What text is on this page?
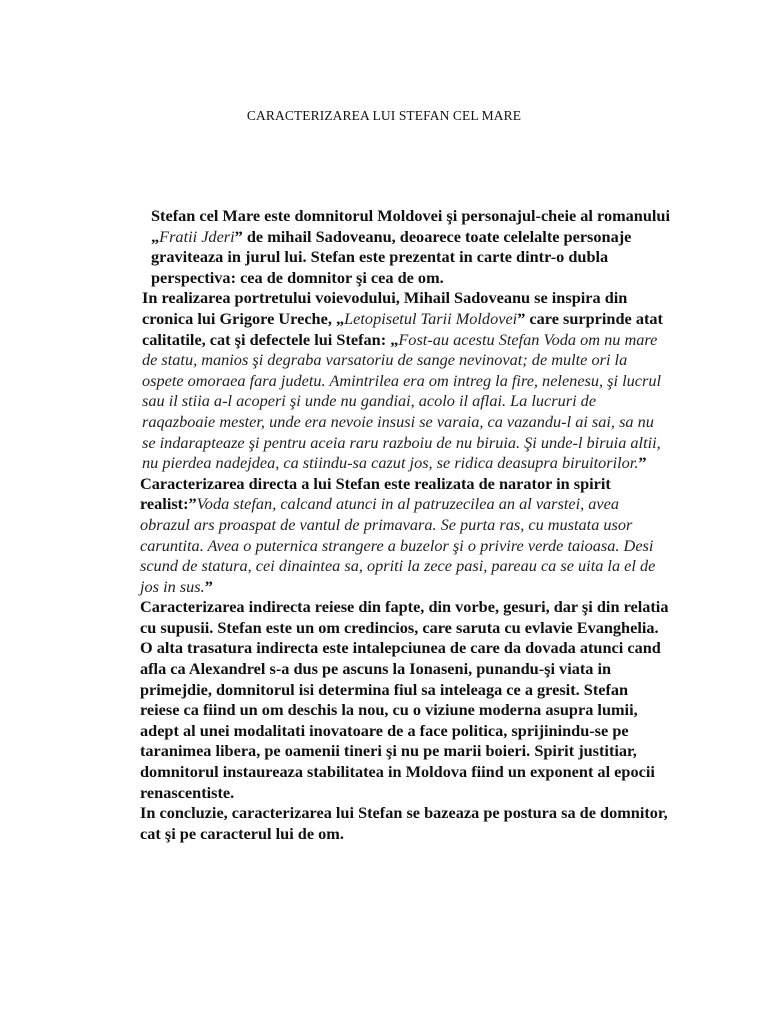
CARACTERIZAREA LUI STEFAN CEL MARE

Stefan cel Mare este domnitorul Moldovei şi personajul-cheie al romanului „Fratii Jderi” de mihail Sadoveanu, deoarece toate celelalte personaje graviteaza in jurul lui. Stefan este prezentat in carte dintr-o dubla perspectiva: cea de domnitor şi cea de om.

In realizarea portretului voievodului, Mihail Sadoveanu se inspira din cronica lui Grigore Ureche, „Letopisetul Tarii Moldovei” care surprinde atat calitatile, cat şi defectele lui Stefan: „Fost-au acestu Stefan Voda om nu mare de statu, manios şi degraba varsatoriu de sange nevinovat; de multe ori la ospete omoraea fara judetu. Amintrilea era om intreg la fire, nelenesu, şi lucrul sau il stiia a-l acoperi şi unde nu gandiai, acolo il aflai. La lucruri de raqazboaie mester, unde era nevoie insusi se varaia, ca vazandu-l ai sai, sa nu se indarapteaze şi pentru aceia raru razboiu de nu biruia. Şi unde-l biruia altii, nu pierdea nadejdea, ca stiindu-sa cazut jos, se ridica deasupra biruitorilor.”

Caracterizarea directa a lui Stefan este realizata de narator in spirit realist:”Voda stefan, calcand atunci in al patruzecilea an al varstei, avea obrazul ars proaspat de vantul de primavara. Se purta ras, cu mustata usor caruntita. Avea o puternica strangere a buzelor şi o privire verde taioasa. Desi scund de statura, cei dinaintea sa, opriti la zece pasi, pareau ca se uita la el de jos in sus.”

Caracterizarea indirecta reiese din fapte, din vorbe, gesuri, dar şi din relatia cu supusii. Stefan este un om credincios, care saruta cu evlavie Evanghelia. O alta trasatura indirecta este intalepciunea de care da dovada atunci cand afla ca Alexandrel s-a dus pe ascuns la Ionaseni, punandu-şi viata in primejdie, domnitorul isi determina fiul sa inteleaga ce a gresit. Stefan reiese ca fiind un om deschis la nou, cu o viziune moderna asupra lumii, adept al unei modalitati inovatoare de a face politica, sprijinindu-se pe taranimea libera, pe oamenii tineri şi nu pe marii boieri. Spirit justitiar, domnitorul instaureaza stabilitatea in Moldova fiind un exponent al epocii renascentiste.

In concluzie, caracterizarea lui Stefan se bazeaza pe postura sa de domnitor, cat şi pe caracterul lui de om.
